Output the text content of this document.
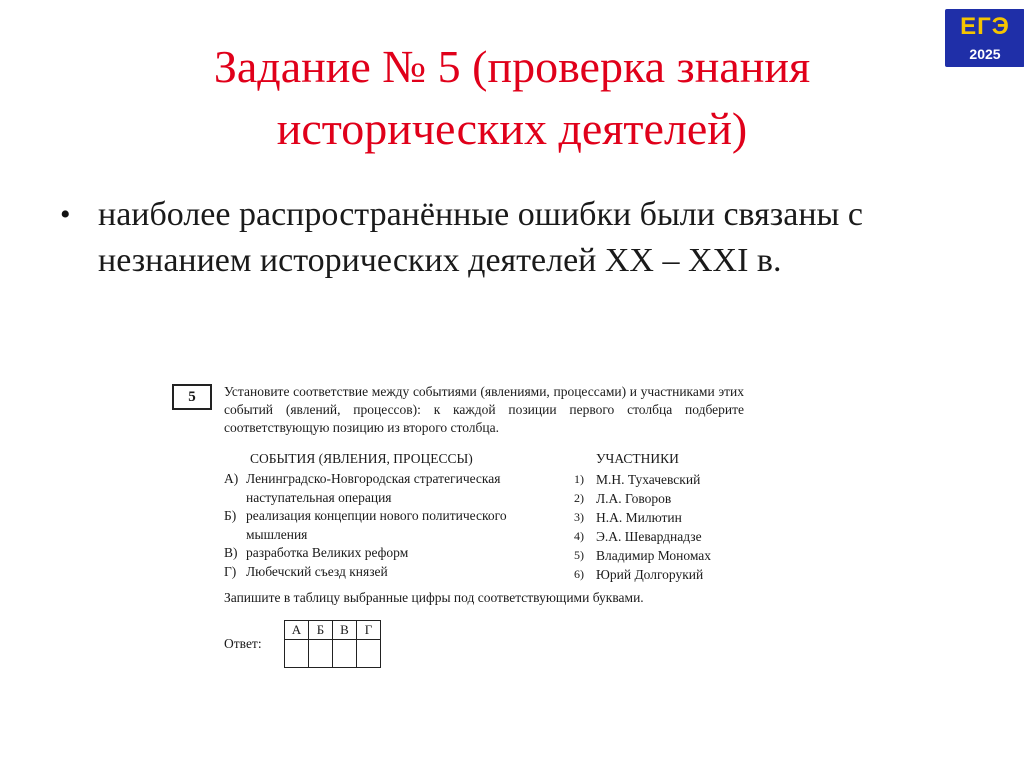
Задание № 5 (проверка знания
исторических деятелей)
ЕГЭ
2025
• наиболее распространённые ошибки были связаны с незнанием исторических деятелей XX – XXI в.
5	Установите соответствие между событиями (явлениями, процессами) и участниками этих событий (явлений, процессов): к каждой позиции первого столбца подберите соответствующую позицию из второго столбца.
СОБЫТИЯ (ЯВЛЕНИЯ, ПРОЦЕССЫ)	УЧАСТНИКИ
А) Ленинградско-Новгородская стратегическая наступательная операция
Б) реализация концепции нового политического мышления
В) разработка Великих реформ
Г) Любечский съезд князей
1) М.Н. Тухачевский
2) Л.А. Говоров
3) Н.А. Милютин
4) Э.А. Шеварднадзе
5) Владимир Мономах
6) Юрий Долгорукий
Запишите в таблицу выбранные цифры под соответствующими буквами.
Ответ:
А	Б	В	Г
